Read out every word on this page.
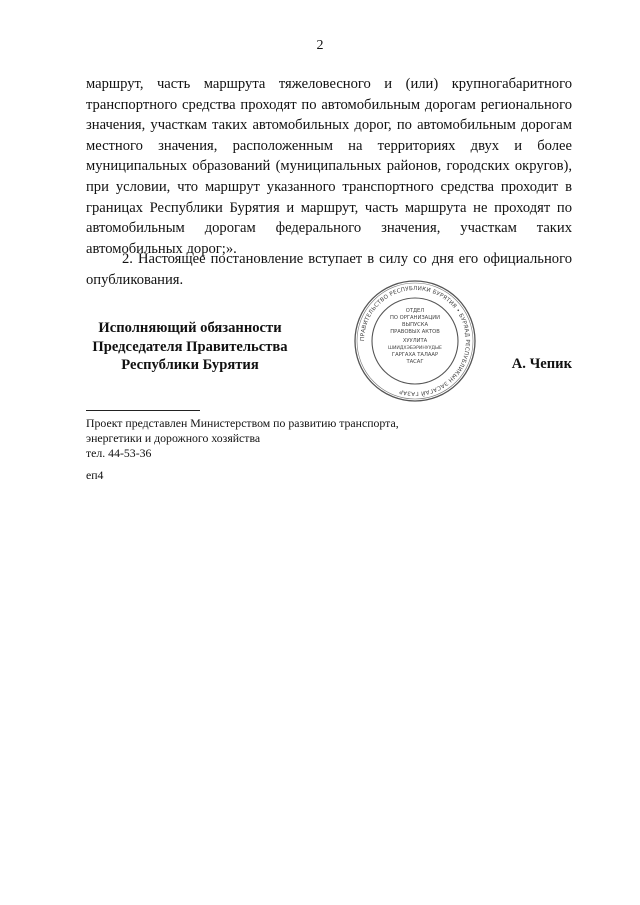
2

маршрут, часть маршрута тяжеловесного и (или) крупногабаритного транспортного средства проходят по автомобильным дорогам регионального значения, участкам таких автомобильных дорог, по автомобильным дорогам местного значения, расположенным на территориях двух и более муниципальных образований (муниципальных районов, городских округов), при условии, что маршрут указанного транспортного средства проходит в границах Республики Бурятия и маршрут, часть маршрута не проходят по автомобильным дорогам федерального значения, участкам таких автомобильных дорог;».

2. Настоящее постановление вступает в силу со дня его официального опубликования.

Исполняющий обязанности
Председателя Правительства
Республики Бурятия
ПРАВИТЕЛЬСТВО РЕСПУБЛИКИ БУРЯТИЯ • БУРЯАД РЕСПУБЛИКЫН ЗАСАГАЙ ГАЗАР
ОТДЕЛ
ПО ОРГАНИЗАЦИИ
ВЫПУСКА
ПРАВОВЫХ АКТОВ
ХУУЛИТА
ШИИДХЭБЭРИНУУДЫЕ
ГАРГАХА ТАЛААР
ТАСАГ	А. Чепик
Проект представлен Министерством по развитию транспорта,
энергетики и дорожного хозяйства
тел. 44-53-36
еп4
